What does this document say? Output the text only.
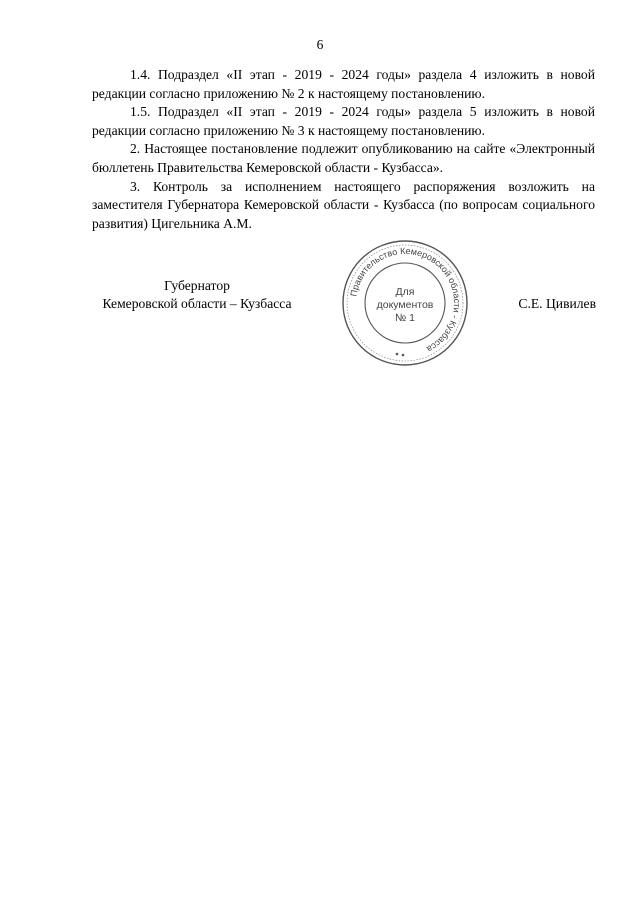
6

1.4. Подраздел «II этап - 2019 - 2024 годы» раздела 4 изложить в новой редакции согласно приложению № 2 к настоящему постановлению.

1.5. Подраздел «II этап - 2019 - 2024 годы» раздела 5 изложить в новой редакции согласно приложению № 3 к настоящему постановлению.

2. Настоящее постановление подлежит опубликованию на сайте «Электронный бюллетень Правительства Кемеровской области - Кузбасса».

3. Контроль за исполнением настоящего распоряжения возложить на заместителя Губернатора Кемеровской области - Кузбасса (по вопросам социального развития) Цигельника А.М.

Губернатор
Кемеровской области – Кузбасса
Правительство Кемеровской области - Кузбасса
Для
документов
№ 1
С.Е. Цивилев
